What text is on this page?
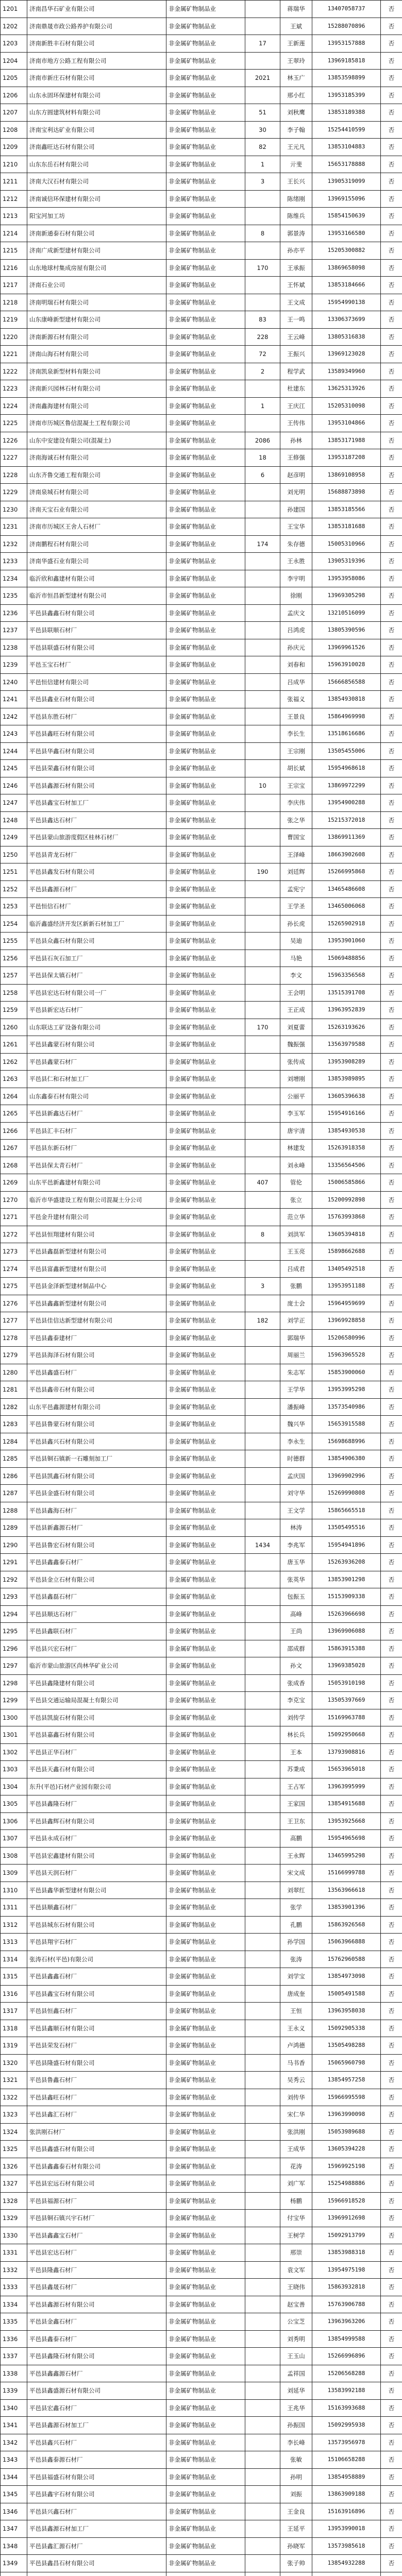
1201	济南昌华石矿业有限公司	非金属矿物制品业		蒋瑞华	13407058737	否
1202	济南鼎晟市政公路养护有限公司	非金属矿物制品业		王斌	15288070896	否
1203	济南新胜丰石材有限公司	非金属矿物制品业	17	王新莲	13953157888	否
1204	济南市地方公路工程有限公司	非金属矿物制品业		王翠玲	13969185818	否
1205	济南市新庄石材有限公司	非金属矿物制品业	2021	林玉广	13853598899	否
1206	山东永固环保建材有限公司	非金属矿物制品业		邢小红	13953185399	否
1207	山东方圆建筑材料有限公司	非金属矿物制品业	51	刘秋鹰	13853189388	否
1208	济南宝利达矿业有限公司	非金属矿物制品业	30	李子翰	15254410599	否
1209	济南鑫旺达石材有限公司	非金属矿物制品业	82	王元凡	13853104883	否
1210	山东东岳石材有限公司	非金属矿物制品业	1	亓斐	15653178888	否
1211	济南大汉石材有限公司	非金属矿物制品业	3	王长兴	13905319099	否
1212	济南诚信环保建材有限公司	非金属矿物制品业		陈绪刚	13969155096	否
1213	阳宝河加工坊	非金属矿物制品业		陈维兵	15854150639	否
1214	济南新通泰石材有限公司	非金属矿物制品业	8	郭景涛	13953166580	否
1215	济南广成新型建材有限公司	非金属矿物制品业		孙亦平	15205300882	否
1216	山东地球村集成房屋有限公司	非金属矿物制品业	170	王承振	13869658098	否
1217	济南石业公司	非金属矿物制品业		王怀斌	13853184666	否
1218	济南明瑞石材有限公司	非金属矿物制品业		王文成	15954990138	否
1219	山东康峰新型建材有限公司	非金属矿物制品业	83	王一鸣	13306373699	否
1220	济南新源石材有限公司	非金属矿物制品业	228	王云峰	13805316838	否
1221	济南山海石材有限公司	非金属矿物制品业	72	王振兴	13969123028	否
1222	济南凯泉新型材料有限公司	非金属矿物制品业	2	程学武	13589349960	否
1223	济南新兴园林石材有限公司	非金属矿物制品业		杜建东	13625313926	否
1224	济南鑫海建材有限公司	非金属矿物制品业	1	王庆江	15205310098	否
1225	济南市历城区鲁信混凝土工程有限公司	非金属矿物制品业		王传伟	13953104866	否
1226	山东中安建设有限公司(混凝土)	非金属矿物制品业	2086	孙林	13853171988	否
1227	济南海诚石材有限公司	非金属矿物制品业	18	王修强	13953187208	否
1228	山东齐鲁交通工程有限公司	非金属矿物制品业	6	赵彦明	13869108958	否
1229	济南泉城石材有限公司	非金属矿物制品业		刘光明	15688873898	否
1230	济南天宝石业有限公司	非金属矿物制品业		孙建国	13853185566	否
1231	济南市历城区王舍人石材厂	非金属矿物制品业		王宝华	13853181688	否
1232	济南鹏程石材有限公司	非金属矿物制品业	174	朱存德	15005310966	否
1233	济南华盛石业有限公司	非金属矿物制品业		王永胜	13905319396	否
1234	临沂欣和鑫建材有限公司	非金属矿物制品业		李宇明	13953958086	否
1235	临沂市恒昌新型建材有限公司	非金属矿物制品业		徐刚	13969305298	否
1236	平邑县鑫鑫石材有限公司	非金属矿物制品业		孟庆文	13210516099	否
1237	平邑县联顺石材厂	非金属矿物制品业		吕鸿虎	13805390596	否
1238	平邑县联盛石材有限公司	非金属矿物制品业		孙庆元	13969961526	否
1239	平邑玉宝石材厂	非金属矿物制品业		刘春和	15963910028	否
1240	平邑恒信建材有限公司	非金属矿物制品业		吕成华	15666856588	否
1241	平邑县鑫业石材有限公司	非金属矿物制品业		张福义	13854930818	否
1242	平邑县东胜石材厂	非金属矿物制品业		王景良	15864969998	否
1243	平邑县鑫旺石材有限公司	非金属矿物制品业		李长生	13518616686	否
1244	平邑县华鑫石材有限公司	非金属矿物制品业		王宗刚	13505455006	否
1245	平邑县荣鑫石材有限公司	非金属矿物制品业		胡长斌	15954968618	否
1246	平邑县鑫源石材有限公司	非金属矿物制品业	10	王宗宝	13869972299	否
1247	平邑县鑫宝石材加工厂	非金属矿物制品业		李庆伟	13954900288	否
1248	平邑县鑫达石材厂	非金属矿物制品业		张之华	15215372018	否
1249	平邑县蒙山旅游度假区桂林石材厂	非金属矿物制品业		曹国宝	13869911369	否
1250	平邑县青龙石材厂	非金属矿物制品业		王泽峰	18663902608	否
1251	平邑县鑫发石材有限公司	非金属矿物制品业	190	刘廷辉	15266995868	否
1252	平邑县鑫源石材厂	非金属矿物制品业		孟宪宁	13465486608	否
1253	平邑恒信石材厂	非金属矿物制品业		王学圣	13465006068	否
1254	临沂鑫盛经济开发区新新石材加工厂	非金属矿物制品业		孙长虎	15265902918	否
1255	平邑县众鑫石材有限公司	非金属矿物制品业		吴迪	13953901060	否
1256	平邑县石灰石加工厂	非金属矿物制品业		马艳	15069488856	否
1257	平邑县保太镇石材厂	非金属矿物制品业		李文	15963356568	否
1258	平邑县宏达石材有限公司一厂	非金属矿物制品业		王会明	13515391708	否
1259	平邑县新宏达石材厂	非金属矿物制品业		王正成	13963952839	否
1260	山东联达工矿设备有限公司	非金属矿物制品业	170	刘夏蕾	15263193626	否
1261	平邑县鑫蒙石材有限公司	非金属矿物制品业		魏振强	13563979588	否
1262	平邑县鑫蒙石材厂	非金属矿物制品业		张传成	13953908289	否
1263	平邑县仁和石材加工厂	非金属矿物制品业		刘增刚	13853989895	否
1264	山东鑫泰石材有限公司	非金属矿物制品业		公丽平	13605396638	否
1265	平邑县新鑫达石材厂	非金属矿物制品业		李玉军	15954916166	否
1266	平邑县汇丰石材厂	非金属矿物制品业		唐宇清	13854930538	否
1267	平邑县东新石材厂	非金属矿物制品业		林建发	15263918358	否
1268	平邑县保太青石材厂	非金属矿物制品业		刘永峰	13356564506	否
1269	山东平邑新鑫建材有限公司	非金属矿物制品业	407	管伦	15006585866	否
1270	临沂市华盛建设工程有限公司混凝土分公司	非金属矿物制品业		张立	15200992898	否
1271	平邑金升建材有限公司	非金属矿物制品业		范立华	15763993868	否
1272	平邑县恒翔建材有限公司	非金属矿物制品业	8	刘洪军	13605394818	否
1273	平邑县鑫磊新型建材有限公司	非金属矿物制品业		王玉亮	15898662688	否
1274	平邑县富鑫新型建材有限公司	非金属矿物制品业		吕成君	13405492518	否
1275	平邑县金泽新型建材制品中心	非金属矿物制品业	3	张鹏	13953951188	否
1276	平邑县鑫鑫新型建材有限公司	非金属矿物制品业		庞士会	15964959699	否
1277	平邑县佳信达新型建材有限公司	非金属矿物制品业	182	刘学正	13969928858	否
1278	平邑县鑫泰建材厂	非金属矿物制品业		郭瑞华	15206580996	否
1279	平邑县海泽石材有限公司	非金属矿物制品业		周丽兰	15963965528	否
1280	平邑县鑫盛石材厂	非金属矿物制品业		朱志军	15853900060	否
1281	平邑县鑫帝石材有限公司	非金属矿物制品业		王学华	13953995298	否
1282	山东平邑鑫源建材有限公司	非金属矿物制品业		潘振峰	13573540986	否
1283	平邑县鲁蒙石材有限公司	非金属矿物制品业		魏兴华	15653915588	否
1284	平邑县鑫兴石材有限公司	非金属矿物制品业		李永生	15698688996	否
1285	平邑县铜石镇新一石雕刻加工厂	非金属矿物制品业		时德群	13854906380	否
1286	平邑县凯鑫石材有限公司	非金属矿物制品业		孟庆国	13969902996	否
1287	平邑县金盛石材有限公司	非金属矿物制品业		刘守华	15269990808	否
1288	平邑县鑫海石材厂	非金属矿物制品业		王文学	15865665518	否
1289	平邑县新鑫源石材厂	非金属矿物制品业		林涛	13505495516	否
1290	平邑县鲁宏石材有限公司	非金属矿物制品业	1434	李兆军	15954941896	否
1291	平邑县鑫鑫泰石材厂	非金属矿物制品业		唐玉华	15263936208	否
1292	平邑县金立石材有限公司	非金属矿物制品业		张英华	13853901298	否
1293	平邑县鑫磊石材厂	非金属矿物制品业		包振玉	15153909338	否
1294	平邑县顺达石材厂	非金属矿物制品业		高峰	15263966698	否
1295	平邑县鑫联石材厂	非金属矿物制品业		王尚	13969906088	否
1296	平邑县兴宏石材厂	非金属矿物制品业		邵成群	15863915388	否
1297	临沂市蒙山旅游区尚林华矿业公司	非金属矿物制品业		孙文	13969385028	否
1298	平邑县鑫隆建材有限公司	非金属矿物制品业		张成香	15053910198	否
1299	平邑县交通运输局混凝土有限公司	非金属矿物制品业		李克宝	13505397669	否
1300	平邑县凯旋石材有限公司	非金属矿物制品业		刘传学	15169963788	否
1301	平邑县嘉鑫石材有限公司	非金属矿物制品业		林长兵	15092950668	否
1302	平邑县正华石材厂	非金属矿物制品业		王本	13793908816	否
1303	平邑县天鑫石材有限公司	非金属矿物制品业		苏秉成	15653965018	否
1304	东升(平邑)石材产业园有限公司	非金属矿物制品业		王占军	13963995999	否
1305	平邑县鑫隆石材厂	非金属矿物制品业		王家国	13854915688	否
1306	平邑县鑫辉石材有限公司	非金属矿物制品业		王卫东	13953925668	否
1307	平邑县永成石材厂	非金属矿物制品业		高鹏	15954965698	否
1308	平邑县宏鑫建材有限公司	非金属矿物制品业		王永辉	13465995298	否
1309	平邑县天润石材厂	非金属矿物制品业		宋文成	15166999788	否
1310	平邑县鑫华新型建材有限公司	非金属矿物制品业		刘翠红	13563966618	否
1311	平邑县顺鑫石材厂	非金属矿物制品业		张学	13853901396	否
1312	平邑县城东石材有限公司	非金属矿物制品业		孔鹏	15863926568	否
1313	平邑县翔宇石材厂	非金属矿物制品业		孙学国	15063966888	否
1314	张涛石材(平邑)有限公司	非金属矿物制品业		张涛	15762960588	否
1315	平邑县鑫鑫石材厂	非金属矿物制品业		刘学宝	13854973098	否
1316	平邑县鑫宝石材有限公司	非金属矿物制品业		唐成奎	15005491588	否
1317	平邑县恒鑫石材厂	非金属矿物制品业		王恒	13963958038	否
1318	平邑县鑫顺石材有限公司	非金属矿物制品业		王永义	15092905338	否
1319	平邑县荣发石材厂	非金属矿物制品业		卢鸿德	13505498288	否
1320	平邑县隆盛石材有限公司	非金属矿物制品业		马书香	15065960798	否
1321	平邑县鲁鑫石材厂	非金属矿物制品业		吴秀云	13854957258	否
1322	平邑县鑫旺石材厂	非金属矿物制品业		刘传华	15966995598	否
1323	平邑县鑫汇石材厂	非金属矿物制品业		宋仁华	13963990098	否
1324	张洪刚石材厂	非金属矿物制品业		张洪刚	15053989688	否
1325	平邑县鑫盛石材有限公司	非金属矿物制品业		王成华	13605394228	否
1326	平邑县鑫鑫泰石材有限公司	非金属矿物制品业		花涛	15969925198	否
1327	平邑县宏远石材有限公司	非金属矿物制品业		刘广军	15254988886	否
1328	平邑县福源石材厂	非金属矿物制品业		杨鹏	15966918528	否
1329	平邑县铜石镇兴宇石材厂	非金属矿物制品业		付宝华	13969912698	否
1330	平邑县鑫鑫宝石材厂	非金属矿物制品业		王树学	15092913799	否
1331	平邑县宏达石材厂	非金属矿物制品业		邢崇	13853988318	否
1332	平邑县隆鑫石材厂	非金属矿物制品业		袁文军	13954975198	否
1333	平邑县鑫晟石材厂	非金属矿物制品业		王晓伟	15863932818	否
1334	平邑县鑫源石材有限公司	非金属矿物制品业		赵宝善	15763906788	否
1335	平邑县金鑫石材厂	非金属矿物制品业		公宝芝	13963963206	否
1336	平邑县鑫泰石材厂	非金属矿物制品业		刘秀明	13854999588	否
1337	平邑县鑫隆石材有限公司	非金属矿物制品业		王玉山	15266996896	否
1338	平邑县鑫鑫源石材厂	非金属矿物制品业		孟祥国	15206568288	否
1339	平邑县鑫盛源石材有限公司	非金属矿物制品业		刘延华	13583992188	否
1340	平邑县宏鑫石材厂	非金属矿物制品业		王兆华	15163993688	否
1341	平邑县鑫源石材加工厂	非金属矿物制品业		孙振国	15092995938	否
1342	平邑县鑫兴石材厂	非金属矿物制品业		李长峰	13573956978	否
1343	平邑县鑫泰源石材厂	非金属矿物制品业		张敏	15106658288	否
1344	平邑县福盛石材有限公司	非金属矿物制品业		孙明	13854958889	否
1345	平邑县鑫宇石材有限公司	非金属矿物制品业		刘振	13863909188	否
1346	平邑县兴鑫石材厂	非金属矿物制品业		王金良	15163916896	否
1347	平邑县鑫源石材加工厂	非金属矿物制品业		王延平	13953990018	否
1348	平邑县鑫汇源石材厂	非金属矿物制品业		孙晓军	13573985618	否
1349	平邑县鑫昌石材有限公司	非金属矿物制品业		张子帅	13854932288	否
